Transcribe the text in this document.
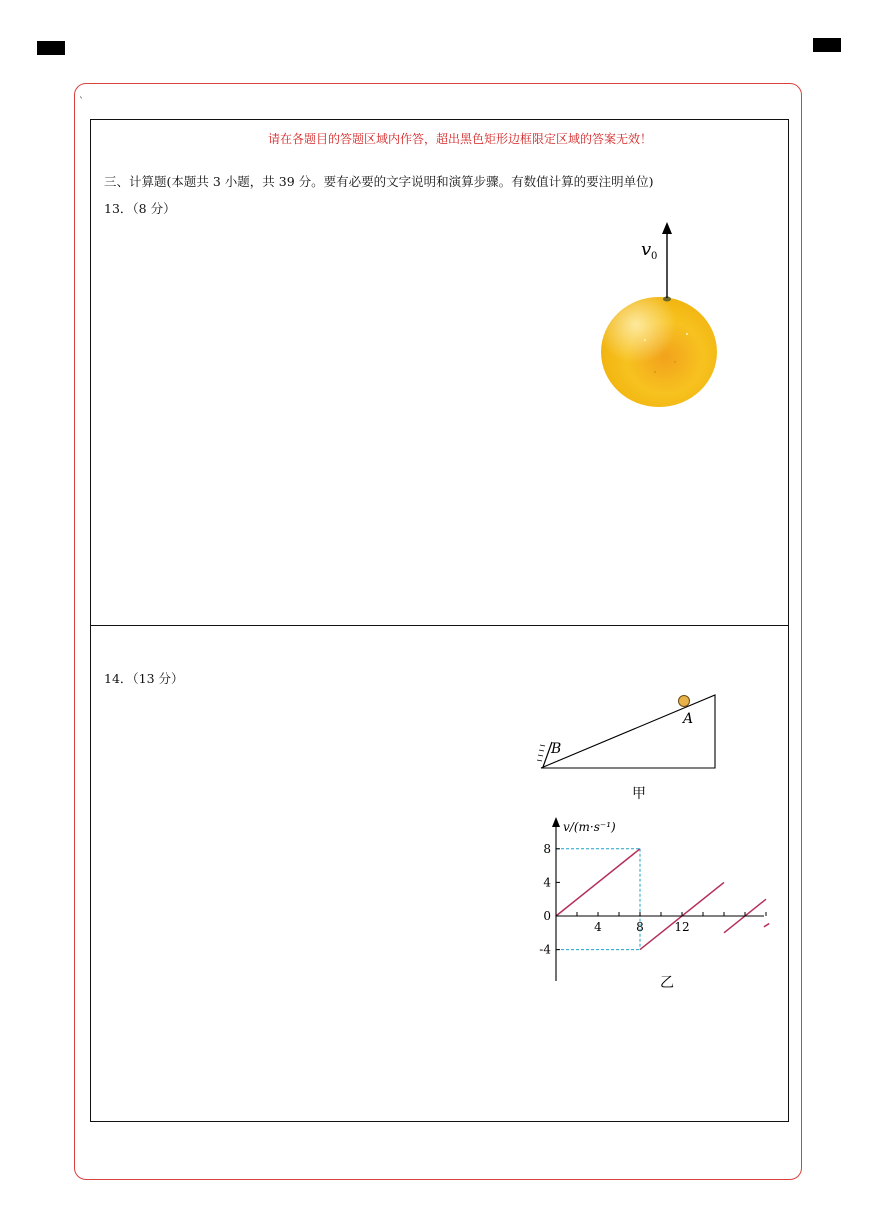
`
请在各题目的答题区域内作答，超出黑色矩形边框限定区域的答案无效！
三、计算题(本题共 3 小题，共 39 分。要有必要的文字说明和演算步骤。有数值计算的要注明单位)
13．（8 分）
v 0
14．（13 分）
A
B
甲
4	8	12
8
4
0
-4
v/(m·s⁻¹)
乙
